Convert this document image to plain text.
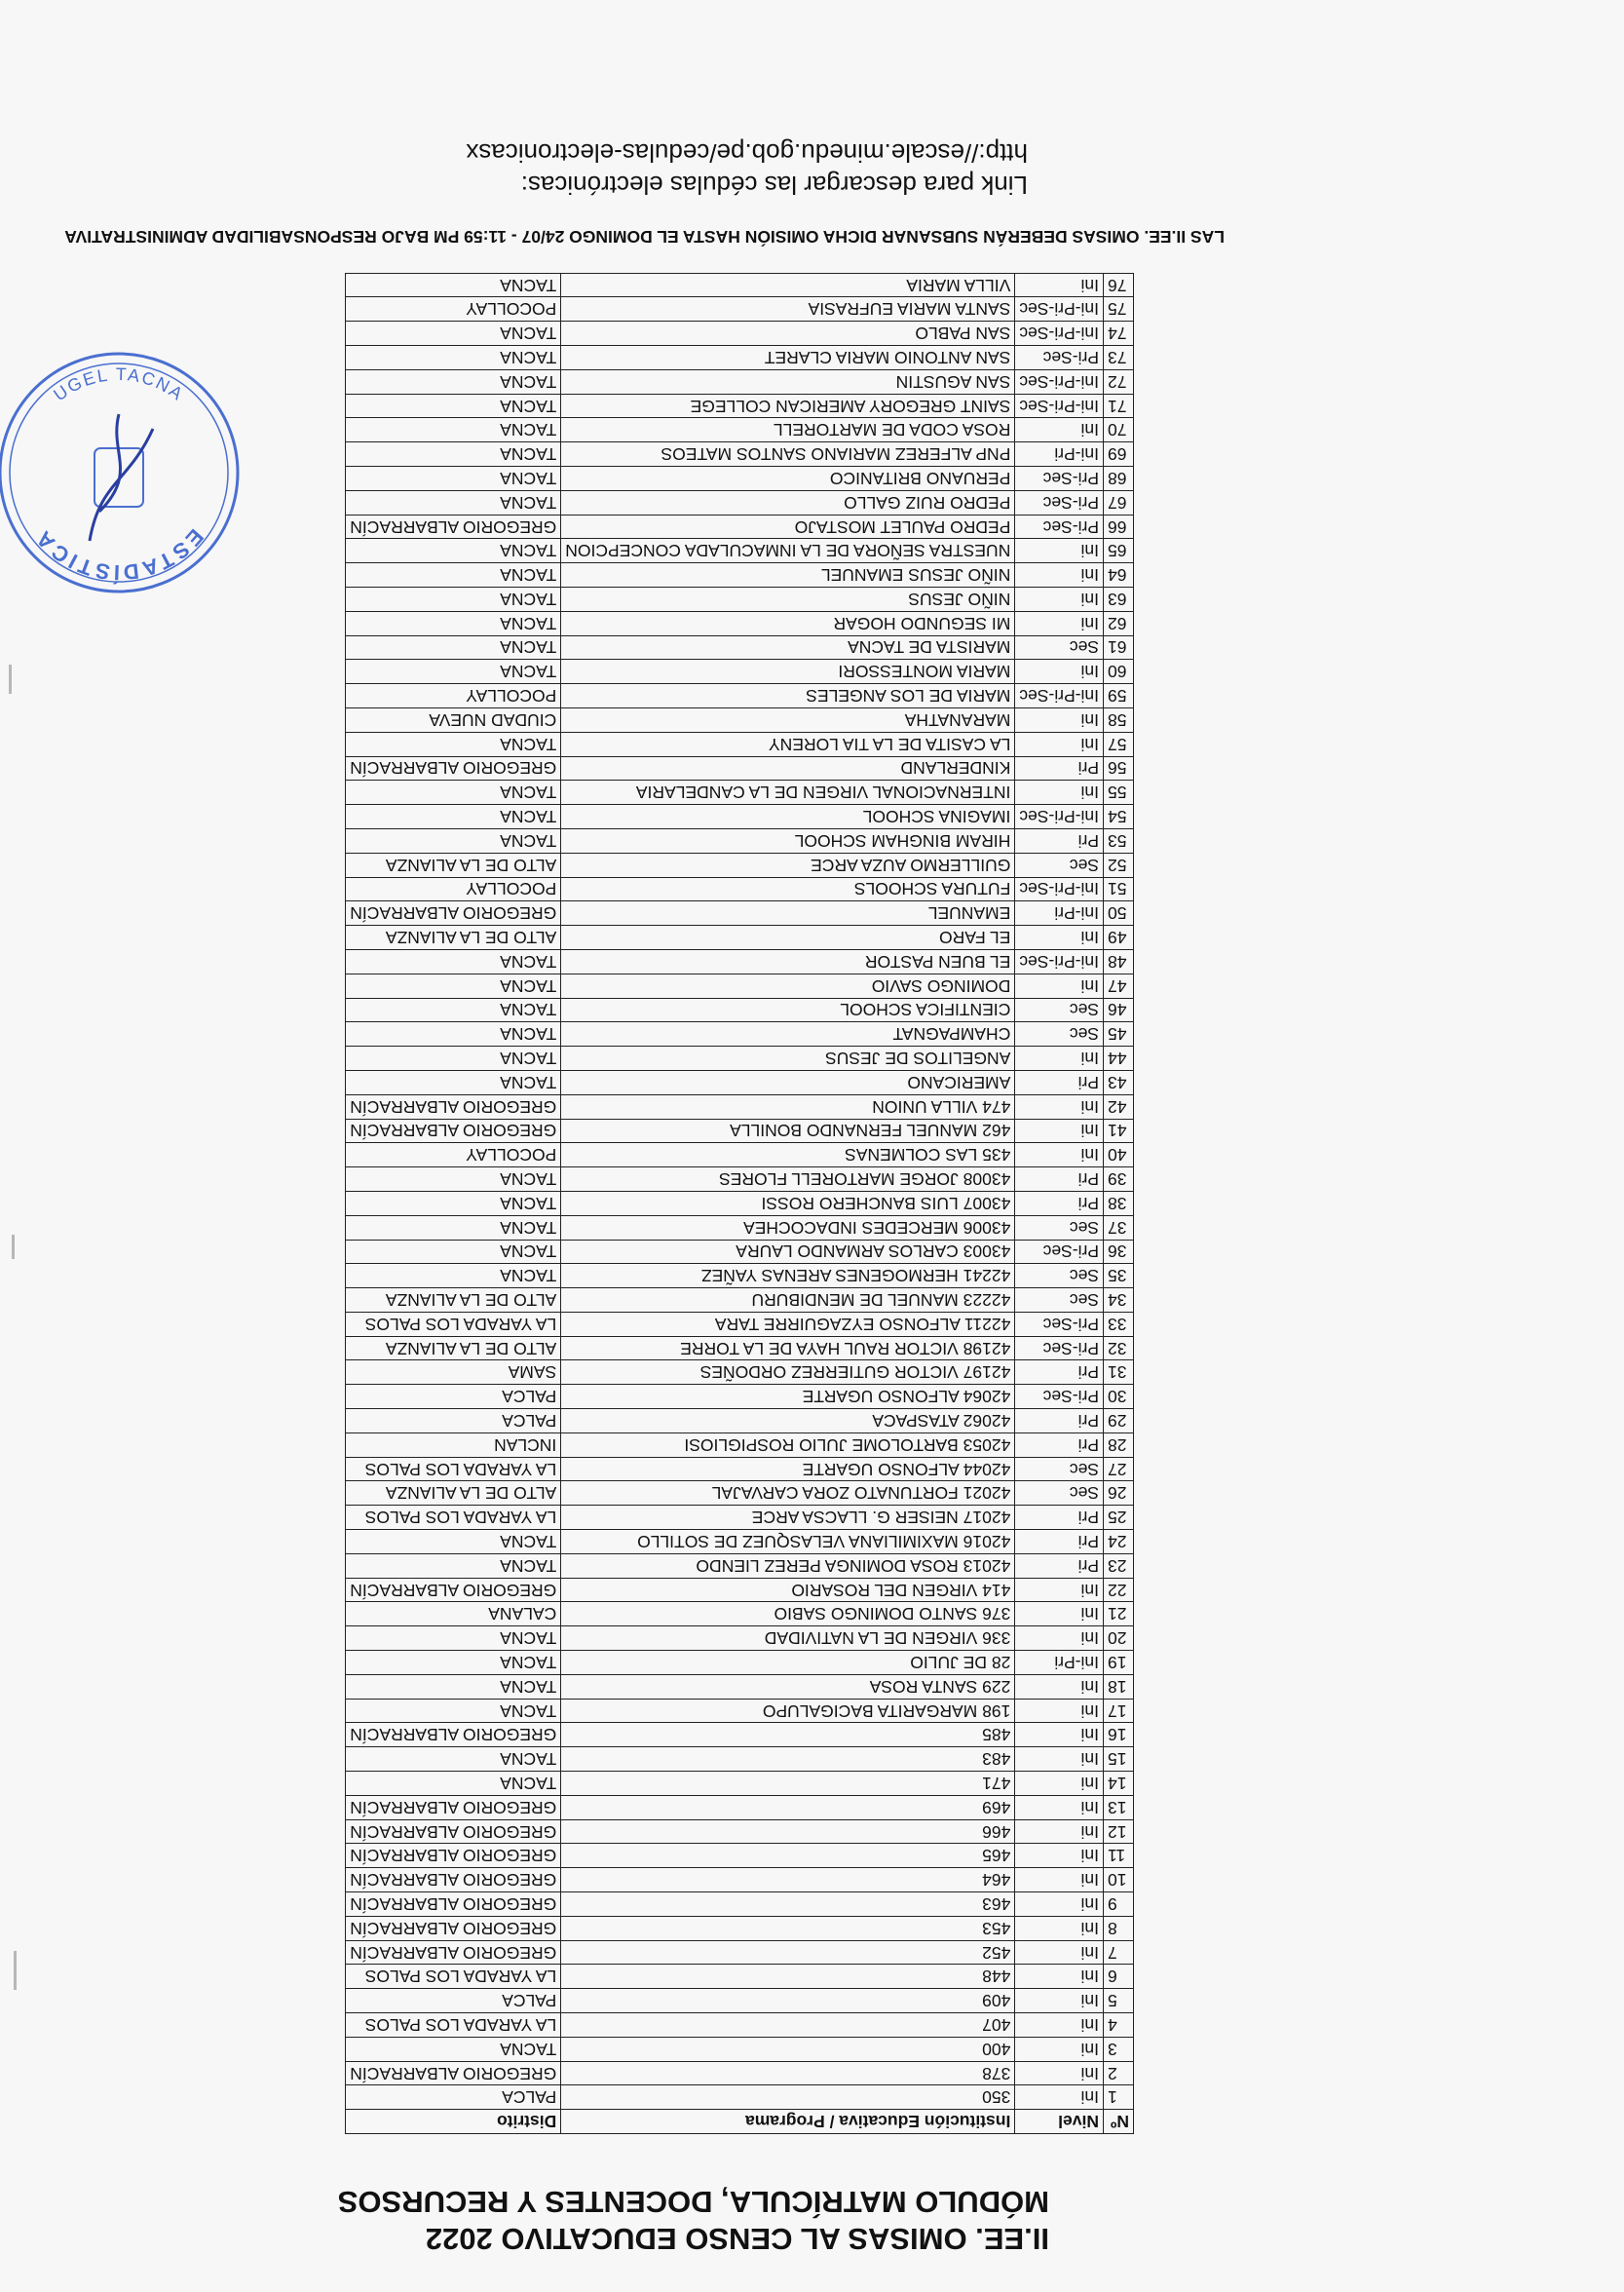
II.EE. OMISAS AL CENSO EDUCATIVO 2022
MÓDULO MATRÍCULA, DOCENTES Y RECURSOS
Nº	Nivel	Institución Educativa / Programa	Distrito
1	Ini	350	PALCA
2	Ini	378	GREGORIO ALBARRACÍN
3	Ini	400	TACNA
4	Ini	407	LA YARADA LOS PALOS
5	Ini	409	PALCA
6	Ini	448	LA YARADA LOS PALOS
7	Ini	452	GREGORIO ALBARRACÍN
8	Ini	453	GREGORIO ALBARRACÍN
9	Ini	463	GREGORIO ALBARRACÍN
10	Ini	464	GREGORIO ALBARRACÍN
11	Ini	465	GREGORIO ALBARRACÍN
12	Ini	466	GREGORIO ALBARRACÍN
13	Ini	469	GREGORIO ALBARRACÍN
14	Ini	471	TACNA
15	Ini	483	TACNA
16	Ini	485	GREGORIO ALBARRACÍN
17	Ini	198 MARGARITA BACIGALUPO	TACNA
18	Ini	229 SANTA ROSA	TACNA
19	Ini-Pri	28 DE JULIO	TACNA
20	Ini	336 VIRGEN DE LA NATIVIDAD	TACNA
21	Ini	376 SANTO DOMINGO SABIO	CALANA
22	Ini	414 VIRGEN DEL ROSARIO	GREGORIO ALBARRACÍN
23	Pri	42013 ROSA DOMINGA PEREZ LIENDO	TACNA
24	Pri	42016 MAXIMILIANA VELASQUEZ DE SOTILLO	TACNA
25	Pri	42017 NEISER G. LLACSA ARCE	LA YARADA LOS PALOS
26	Sec	42021 FORTUNATO ZORA CARVAJAL	ALTO DE LA ALIANZA
27	Sec	42044 ALFONSO UGARTE	LA YARADA LOS PALOS
28	Pri	42053 BARTOLOME JULIO ROSPIGLIOSI	INCLAN
29	Pri	42062 ATASPACA	PALCA
30	Pri-Sec	42064 ALFONSO UGARTE	PALCA
31	Pri	42197 VICTOR GUTIERREZ ORDOÑES	SAMA
32	Pri-Sec	42198 VICTOR RAUL HAYA DE LA TORRE	ALTO DE LA ALIANZA
33	Pri-Sec	42211 ALFONSO EYZAGUIRRE TARA	LA YARADA LOS PALOS
34	Sec	42223 MANUEL DE MENDIBURU	ALTO DE LA ALIANZA
35	Sec	42241 HERMOGENES ARENAS YAÑEZ	TACNA
36	Pri-Sec	43003 CARLOS ARMANDO LAURA	TACNA
37	Sec	43006 MERCEDES INDACOCHEA	TACNA
38	Pri	43007 LUIS BANCHERO ROSSI	TACNA
39	Pri	43008 JORGE MARTORELL FLORES	TACNA
40	Ini	435 LAS COLMENAS	POCOLLAY
41	Ini	462 MANUEL FERNANDO BONILLA	GREGORIO ALBARRACÍN
42	Ini	474 VILLA UNION	GREGORIO ALBARRACÍN
43	Pri	AMERICANO	TACNA
44	Ini	ANGELITOS DE JESUS	TACNA
45	Sec	CHAMPAGNAT	TACNA
46	Sec	CIENTIFICA SCHOOL	TACNA
47	Ini	DOMINGO SAVIO	TACNA
48	Ini-Pri-Sec	EL BUEN PASTOR	TACNA
49	Ini	EL FARO	ALTO DE LA ALIANZA
50	Ini-Pri	EMANUEL	GREGORIO ALBARRACÍN
51	Ini-Pri-Sec	FUTURA SCHOOLS	POCOLLAY
52	Sec	GUILLERMO AUZA ARCE	ALTO DE LA ALIANZA
53	Pri	HIRAM BINGHAM SCHOOL	TACNA
54	Ini-Pri-Sec	IMAGINA SCHOOL	TACNA
55	Ini	INTERNACIONAL VIRGEN DE LA CANDELARIA	TACNA
56	Pri	KINDERLAND	GREGORIO ALBARRACÍN
57	Ini	LA CASITA DE LA TIA LORENY	TACNA
58	Ini	MARANATHA	CIUDAD NUEVA
59	Ini-Pri-Sec	MARIA DE LOS ANGELES	POCOLLAY
60	Ini	MARIA MONTESSORI	TACNA
61	Sec	MARISTA DE TACNA	TACNA
62	Ini	MI SEGUNDO HOGAR	TACNA
63	Ini	NIÑO JESUS	TACNA
64	Ini	NIÑO JESUS EMANUEL	TACNA
65	Ini	NUESTRA SEÑORA DE LA INMACULADA CONCEPCION	TACNA
66	Pri-Sec	PEDRO PAULET MOSTAJO	GREGORIO ALBARRACÍN
67	Pri-Sec	PEDRO RUIZ GALLO	TACNA
68	Pri-Sec	PERUANO BRITANICO	TACNA
69	Ini-Pri	PNP ALFEREZ MARIANO SANTOS MATEOS	TACNA
70	Ini	ROSA CODA DE MARTORELL	TACNA
71	Ini-Pri-Sec	SAINT GREGORY AMERICAN COLLEGE	TACNA
72	Ini-Pri-Sec	SAN AGUSTIN	TACNA
73	Pri-Sec	SAN ANTONIO MARIA CLARET	TACNA
74	Ini-Pri-Sec	SAN PABLO	TACNA
75	Ini-Pri-Sec	SANTA MARIA EUFRASIA	POCOLLAY
76	Ini	VILLA MARIA	TACNA
LAS II.EE. OMISAS DEBERÁN SUBSANAR DICHA OMISIÓN HASTA EL DOMINGO 24/07 - 11:59 PM BAJO RESPONSABILIDAD ADMINISTRATIVA
Link para descargar las cédulas electrónicas:
http://escale.minedu.gob.pe/cedulas-electronicasx
ESTADÍSTICA
UGEL TACNA
